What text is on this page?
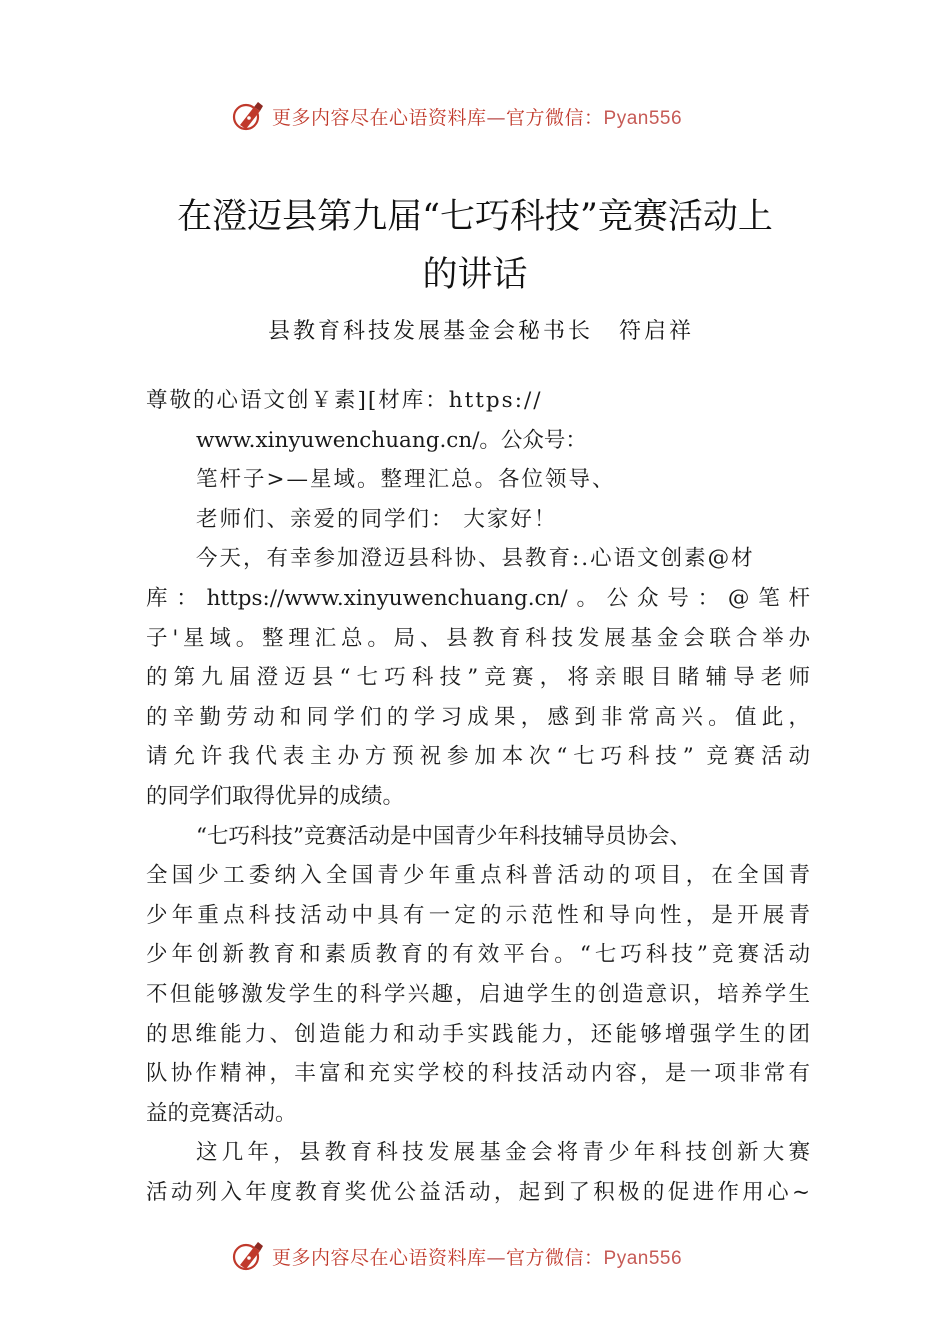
更多内容尽在心语资料库—官方微信：Pyan556
在澄迈县第九届“七巧科技”竞赛活动上
的讲话
县教育科技发展基金会秘书长 符启祥
尊敬的心语文创￥素][材库：https://
www.xinyuwenchuang.cn/。公众号：
笔杆子>—星域。整理汇总。各位领导、
老师们、亲爱的同学们： 大家好！
今天，有幸参加澄迈县科协、县教育:.心语文创素@材
库：https://www.xinyuwenchuang.cn/。公众号：@笔杆
子'星域。整理汇总。局、县教育科技发展基金会联合举办
的第九届澄迈县“七巧科技”竞赛，将亲眼目睹辅导老师
的辛勤劳动和同学们的学习成果，感到非常高兴。值此，
请允许我代表主办方预祝参加本次“七巧科技” 竞赛活动
的同学们取得优异的成绩。
“七巧科技”竞赛活动是中国青少年科技辅导员协会、
全国少工委纳入全国青少年重点科普活动的项目，在全国青
少年重点科技活动中具有一定的示范性和导向性，是开展青
少年创新教育和素质教育的有效平台。“七巧科技”竞赛活动
不但能够激发学生的科学兴趣，启迪学生的创造意识，培养学生
的思维能力、创造能力和动手实践能力，还能够增强学生的团
队协作精神，丰富和充实学校的科技活动内容，是一项非常有
益的竞赛活动。
这几年，县教育科技发展基金会将青少年科技创新大赛
活动列入年度教育奖优公益活动，起到了积极的促进作用心~
更多内容尽在心语资料库—官方微信：Pyan556
